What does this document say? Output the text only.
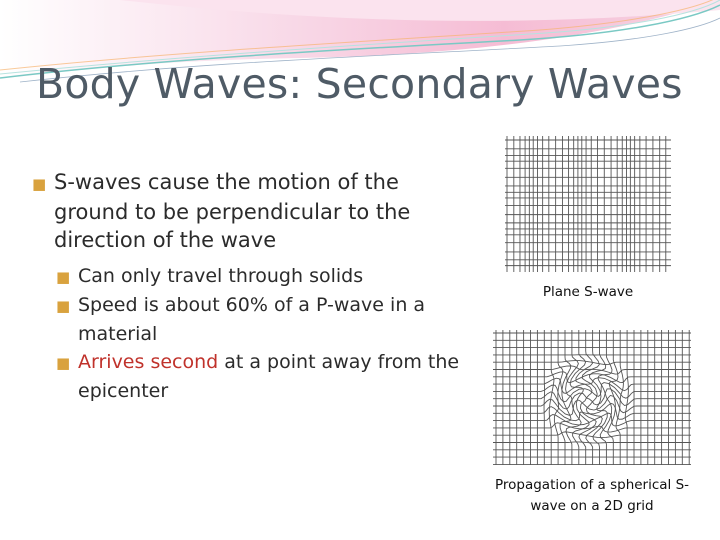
Body Waves: Secondary Waves

■ S-waves cause the motion of the ground to be perpendicular to the direction of the wave

■ Can only travel through solids

■ Speed is about 60% of a P-wave in a material

■ Arrives second at a point away from the epicenter

Plane S-wave
Propagation of a spherical S-wave on a 2D grid
